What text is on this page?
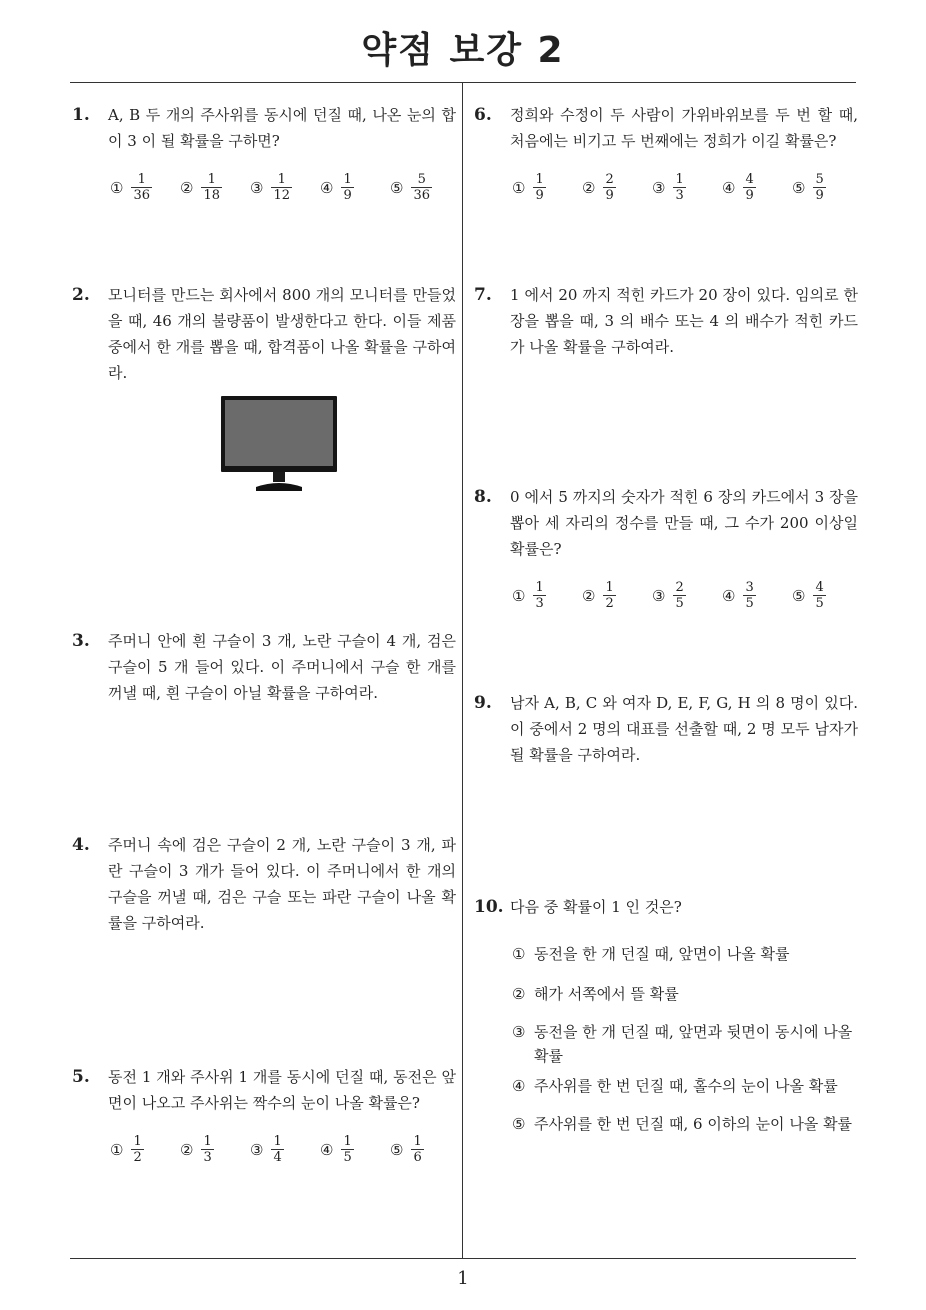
약점 보강 2
1. A, B 두 개의 주사위를 동시에 던질 때, 나온 눈의 합이 3 이 될 확률을 구하면?
① $\frac{1}{36}$ ② $\frac{1}{18}$ ③ $\frac{1}{12}$ ④ $\frac{1}{9}$ ⑤ $\frac{5}{36}$
2. 모니터를 만드는 회사에서 800 개의 모니터를 만들었을 때, 46 개의 불량품이 발생한다고 한다. 이들 제품 중에서 한 개를 뽑을 때, 합격품이 나올 확률을 구하여라.
3. 주머니 안에 흰 구슬이 3 개, 노란 구슬이 4 개, 검은 구슬이 5 개 들어 있다. 이 주머니에서 구슬 한 개를 꺼낼 때, 흰 구슬이 아닐 확률을 구하여라.
4. 주머니 속에 검은 구슬이 2 개, 노란 구슬이 3 개, 파란 구슬이 3 개가 들어 있다. 이 주머니에서 한 개의 구슬을 꺼낼 때, 검은 구슬 또는 파란 구슬이 나올 확률을 구하여라.
5. 동전 1 개와 주사위 1 개를 동시에 던질 때, 동전은 앞면이 나오고 주사위는 짝수의 눈이 나올 확률은?
① $\frac{1}{2}$ ② $\frac{1}{3}$ ③ $\frac{1}{4}$ ④ $\frac{1}{5}$ ⑤ $\frac{1}{6}$
6. 정희와 수정이 두 사람이 가위바위보를 두 번 할 때, 처음에는 비기고 두 번째에는 정희가 이길 확률은?
① $\frac{1}{9}$ ② $\frac{2}{9}$ ③ $\frac{1}{3}$ ④ $\frac{4}{9}$ ⑤ $\frac{5}{9}$
7. 1 에서 20 까지 적힌 카드가 20 장이 있다. 임의로 한 장을 뽑을 때, 3 의 배수 또는 4 의 배수가 적힌 카드가 나올 확률을 구하여라.
8. 0 에서 5 까지의 숫자가 적힌 6 장의 카드에서 3 장을 뽑아 세 자리의 정수를 만들 때, 그 수가 200 이상일 확률은?
① $\frac{1}{3}$ ② $\frac{1}{2}$ ③ $\frac{2}{5}$ ④ $\frac{3}{5}$ ⑤ $\frac{4}{5}$
9. 남자 A, B, C 와 여자 D, E, F, G, H 의 8 명이 있다. 이 중에서 2 명의 대표를 선출할 때, 2 명 모두 남자가 될 확률을 구하여라.
10. 다음 중 확률이 1 인 것은?
① 동전을 한 개 던질 때, 앞면이 나올 확률
② 해가 서쪽에서 뜰 확률
③ 동전을 한 개 던질 때, 앞면과 뒷면이 동시에 나올 확률
④ 주사위를 한 번 던질 때, 홀수의 눈이 나올 확률
⑤ 주사위를 한 번 던질 때, 6 이하의 눈이 나올 확률
1
